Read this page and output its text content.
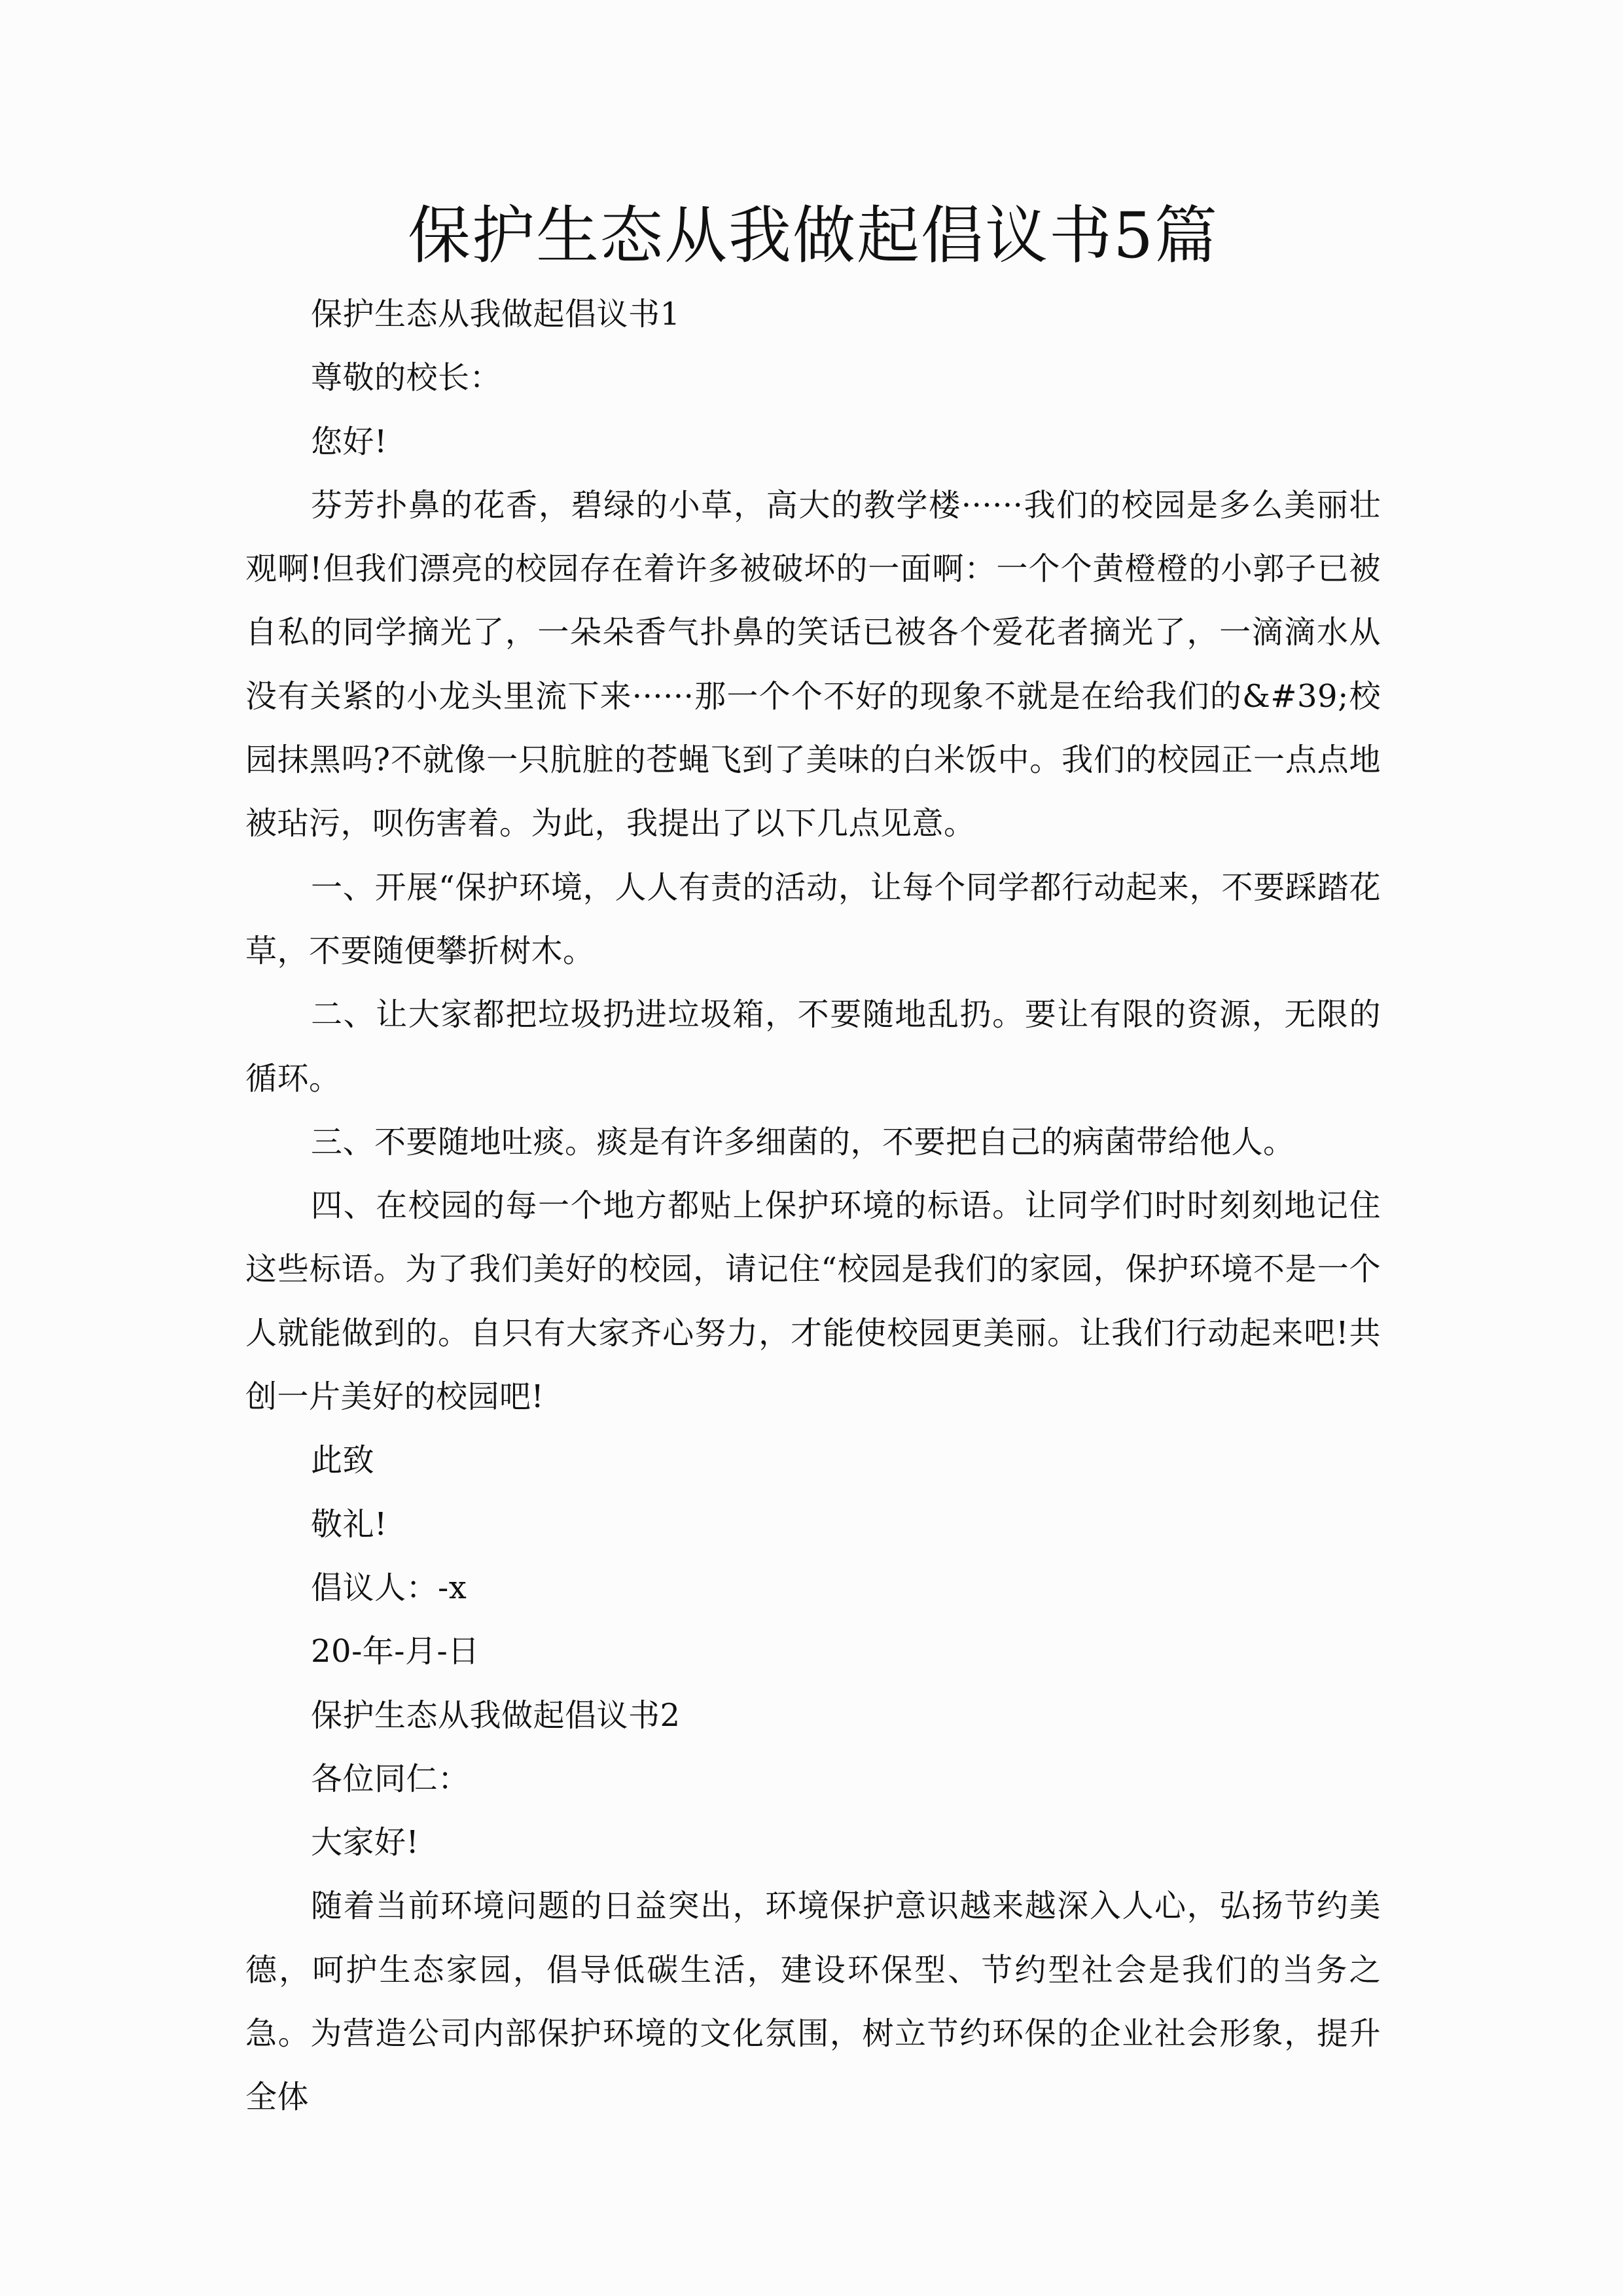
保护生态从我做起倡议书5篇

保护生态从我做起倡议书1

尊敬的校长：

您好!

芬芳扑鼻的花香，碧绿的小草，高大的教学楼······我们的校园是多么美丽壮观啊!但我们漂亮的校园存在着许多被破坏的一面啊：一个个黄橙橙的小郭子已被自私的同学摘光了，一朵朵香气扑鼻的笑话已被各个爱花者摘光了，一滴滴水从没有关紧的小龙头里流下来······那一个个不好的现象不就是在给我们的&#39;校园抹黑吗?不就像一只肮脏的苍蝇飞到了美味的白米饭中。我们的校园正一点点地被玷污，呗伤害着。为此，我提出了以下几点见意。

一、开展“保护环境，人人有责的活动，让每个同学都行动起来，不要踩踏花草，不要随便攀折树木。

二、让大家都把垃圾扔进垃圾箱，不要随地乱扔。要让有限的资源，无限的循环。

三、不要随地吐痰。痰是有许多细菌的，不要把自己的病菌带给他人。

四、在校园的每一个地方都贴上保护环境的标语。让同学们时时刻刻地记住这些标语。为了我们美好的校园，请记住“校园是我们的家园，保护环境不是一个人就能做到的。自只有大家齐心努力，才能使校园更美丽。让我们行动起来吧!共创一片美好的校园吧!

此致

敬礼!

倡议人：-x

20-年-月-日

保护生态从我做起倡议书2

各位同仁：

大家好!

随着当前环境问题的日益突出，环境保护意识越来越深入人心，弘扬节约美德，呵护生态家园，倡导低碳生活，建设环保型、节约型社会是我们的当务之急。为营造公司内部保护环境的文化氛围，树立节约环保的企业社会形象，提升全体
